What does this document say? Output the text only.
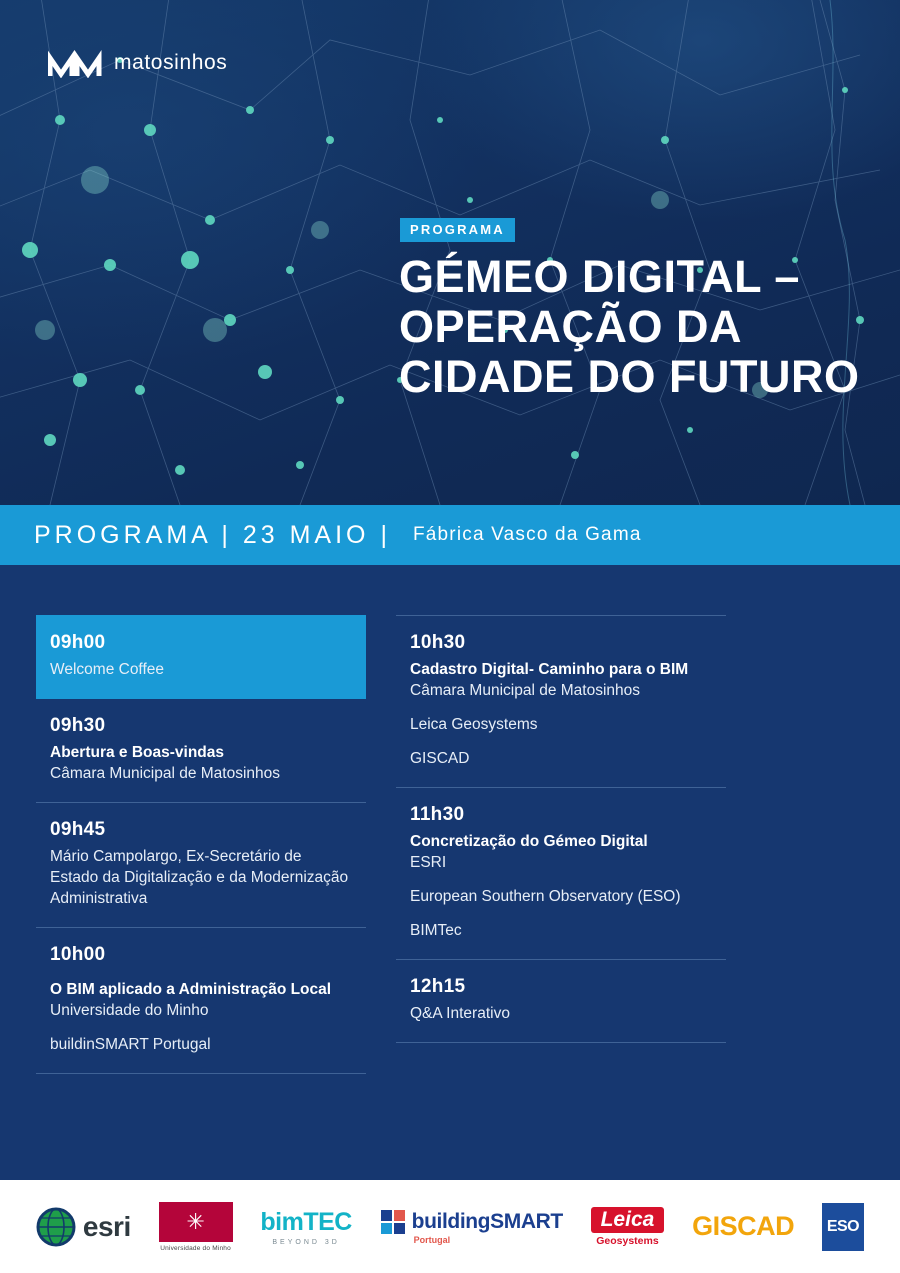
matosinhos
PROGRAMA
GÉMEO DIGITAL – OPERAÇÃO DA CIDADE DO FUTURO
PROGRAMA | 23 MAIO | Fábrica Vasco da Gama
09h00
Welcome Coffee
09h30
Abertura e Boas-vindas
Câmara Municipal de Matosinhos
09h45
Mário Campolargo, Ex-Secretário de Estado da Digitalização e da Modernização Administrativa
10h00
O BIM aplicado a Administração Local
Universidade do Minho
buildinSMART Portugal
10h30
Cadastro Digital- Caminho para o BIM
Câmara Municipal de Matosinhos
Leica Geosystems
GISCAD
11h30
Concretização do Gémeo Digital
ESRI
European Southern Observatory (ESO)
BIMTec
12h15
Q&A Interativo
esri	✳
Universidade do Minho
bimTEC
BEYOND 3D
buildingSMART
Portugal
Leica
Geosystems GISCAD	ESO
